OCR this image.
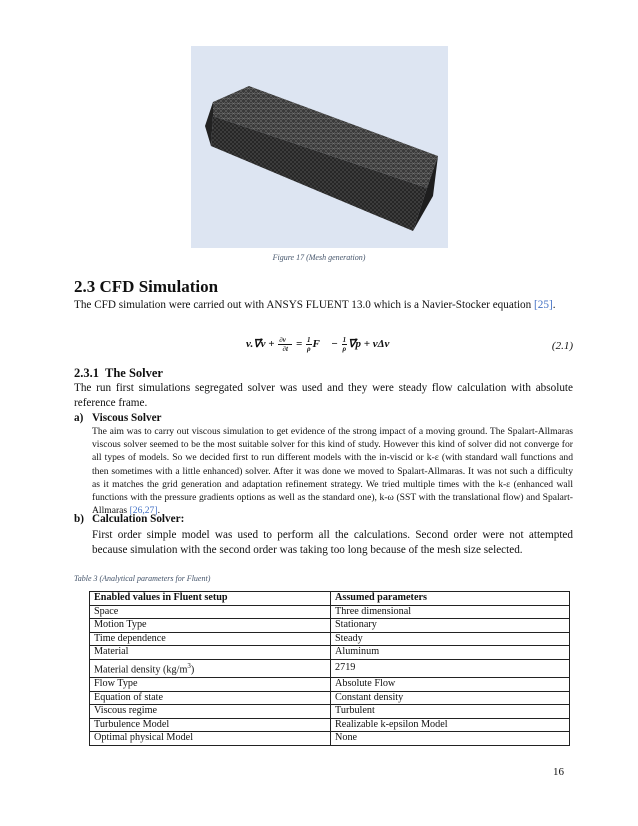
Figure 17 (Mesh generation)
2.3 CFD Simulation
The CFD simulation were carried out with ANSYS FLUENT 13.0 which is a Navier-Stocker equation [25].
v.∇⃗v + $\frac{\partial v⃗}{\partial t} = \frac{1}{\rho}$ F⃗ − $\frac{1}{\rho}$ ∇⃗p + vΔv⃗	(2.1)
2.3.1 The Solver
The run first simulations segregated solver was used and they were steady flow calculation with absolute reference frame.
a) Viscous Solver
The aim was to carry out viscous simulation to get evidence of the strong impact of a moving ground. The Spalart-Allmaras viscous solver seemed to be the most suitable solver for this kind of study. However this kind of solver did not converge for all types of models. So we decided first to run different models with the in-viscid or k-ε (with standard wall functions and then sometimes with a little enhanced) solver. After it was done we moved to Spalart-Allmaras. It was not such a difficulty as it matches the grid generation and adaptation refinement strategy. We tried multiple times with the k-ε (enhanced wall functions with the pressure gradients options as well as the standard one), k-ω (SST with the translational flow) and Spalart-Allmaras [26,27].
b) Calculation Solver:
First order simple model was used to perform all the calculations. Second order were not attempted because simulation with the second order was taking too long because of the mesh size selected.
Table 3 (Analytical parameters for Fluent)
Enabled values in Fluent setup	Assumed parameters
Space	Three dimensional
Motion Type	Stationary
Time dependence	Steady
Material	Aluminum
Material density $(kg/m^3)$	2719
Flow Type	Absolute Flow
Equation of state	Constant density
Viscous regime	Turbulent
Turbulence Model	Realizable k-epsilon Model
Optimal physical Model	None
16
